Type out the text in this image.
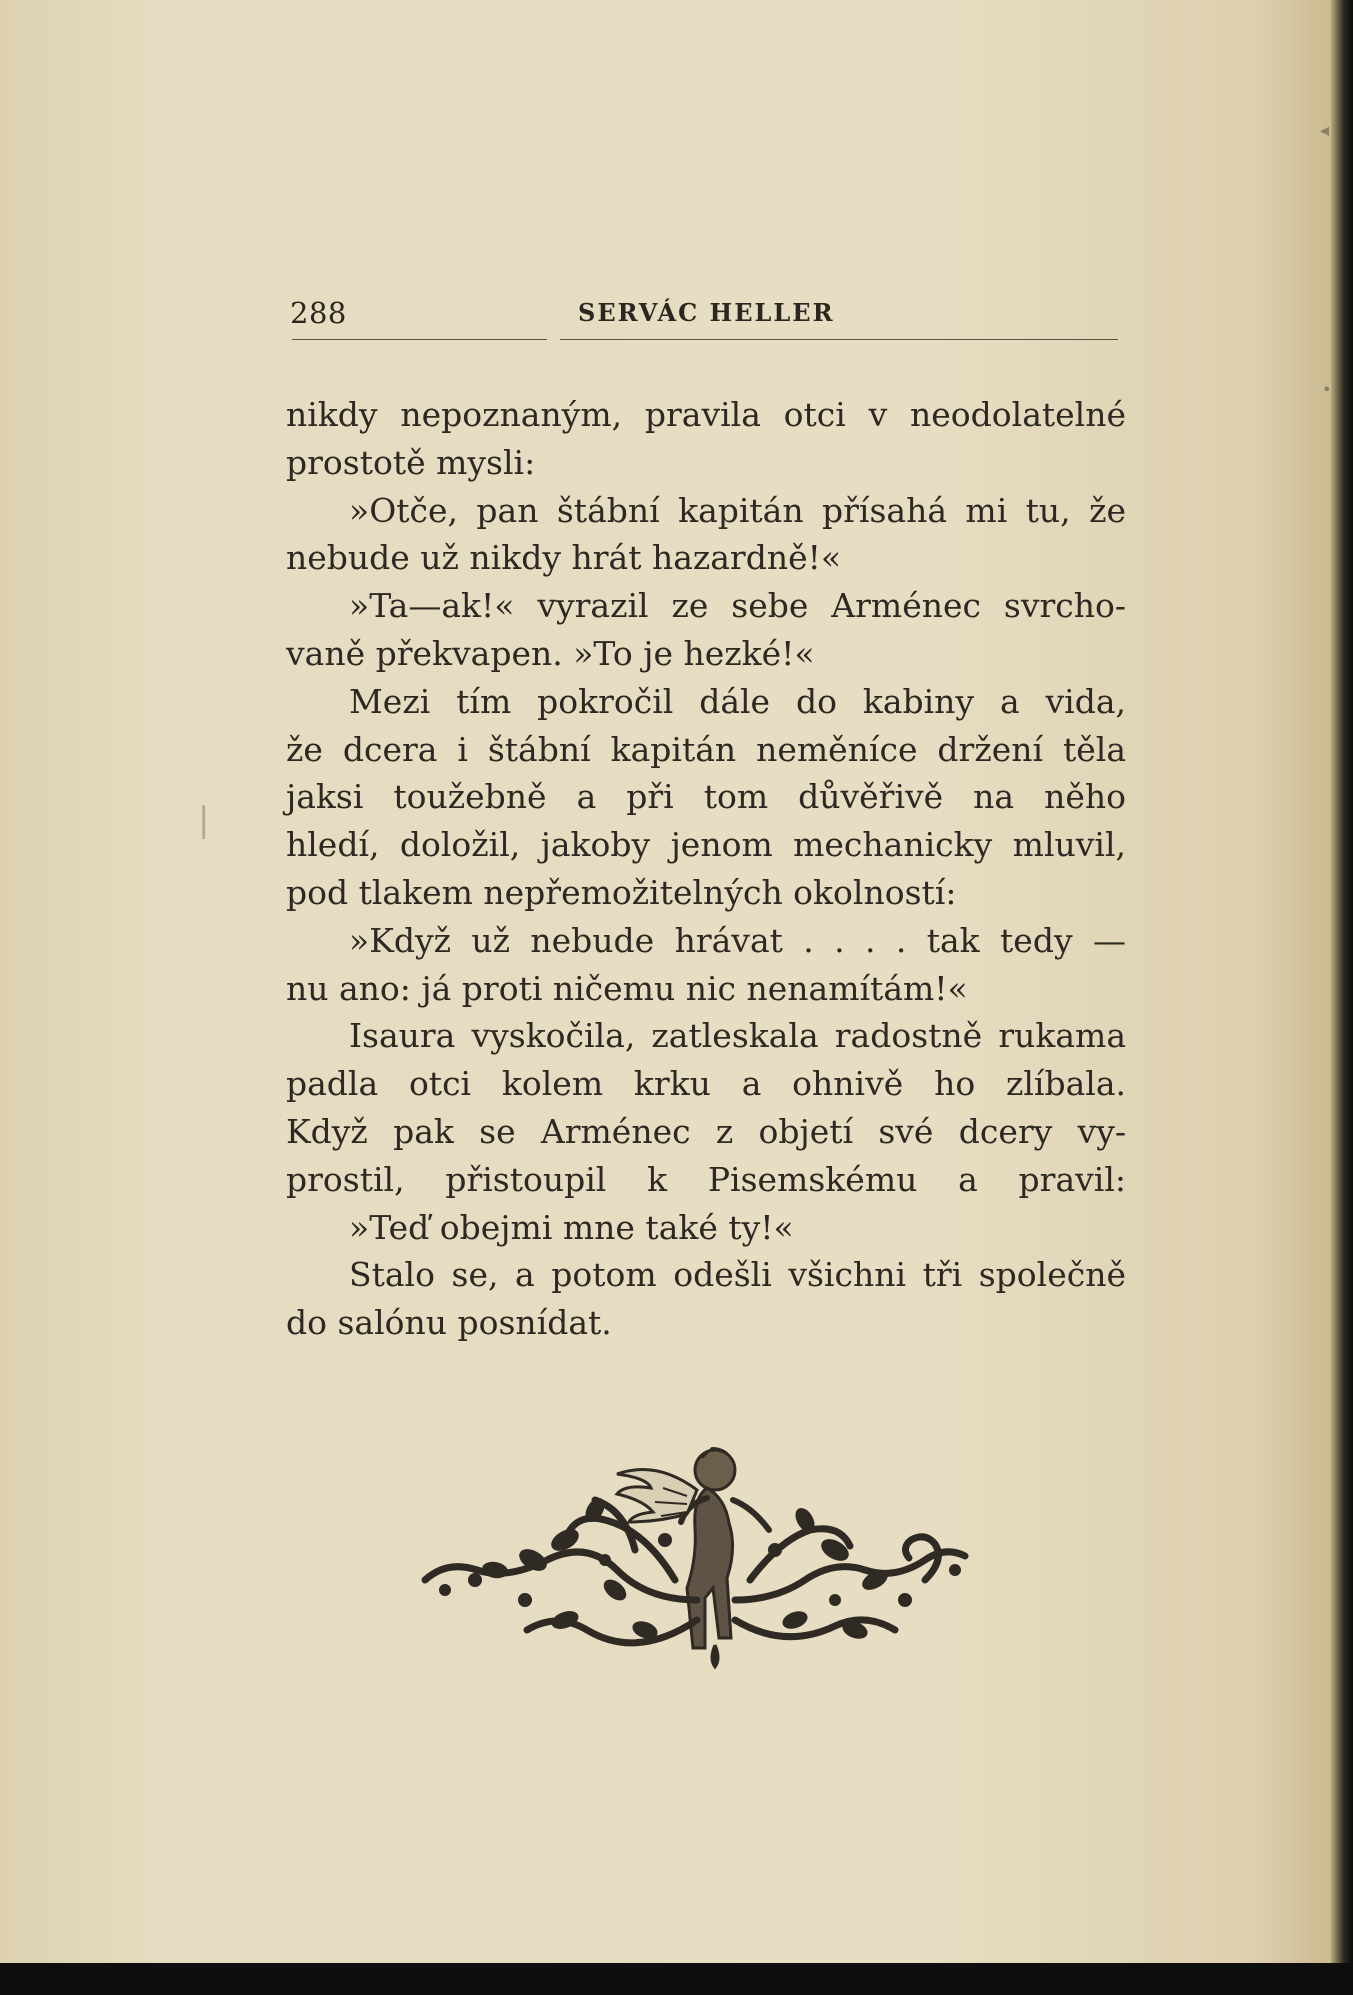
288	SERVÁC HELLER
nikdy nepoznaným, pravila otci v neodolatelné
prostotě mysli:
»Otče, pan štábní kapitán přísahá mi tu, že
nebude už nikdy hrát hazardně!«
»Ta—ak!« vyrazil ze sebe Arménec svrcho-
vaně překvapen. »To je hezké!«
Mezi tím pokročil dále do kabiny a vida,
že dcera i štábní kapitán neměníce držení těla
jaksi toužebně a při tom důvěřivě na něho
hledí, doložil, jakoby jenom mechanicky mluvil,
pod tlakem nepřemožitelných okolností:
»Když už nebude hrávat . . . . tak tedy —
nu ano: já proti ničemu nic nenamítám!«
Isaura vyskočila, zatleskala radostně rukama
padla otci kolem krku a ohnivě ho zlíbala.
Když pak se Arménec z objetí své dcery vy-
prostil, přistoupil k Pisemskému a pravil:
»Teď obejmi mne také ty!«
Stalo se, a potom odešli všichni tři společně
do salónu posnídat.
◂
•
|
